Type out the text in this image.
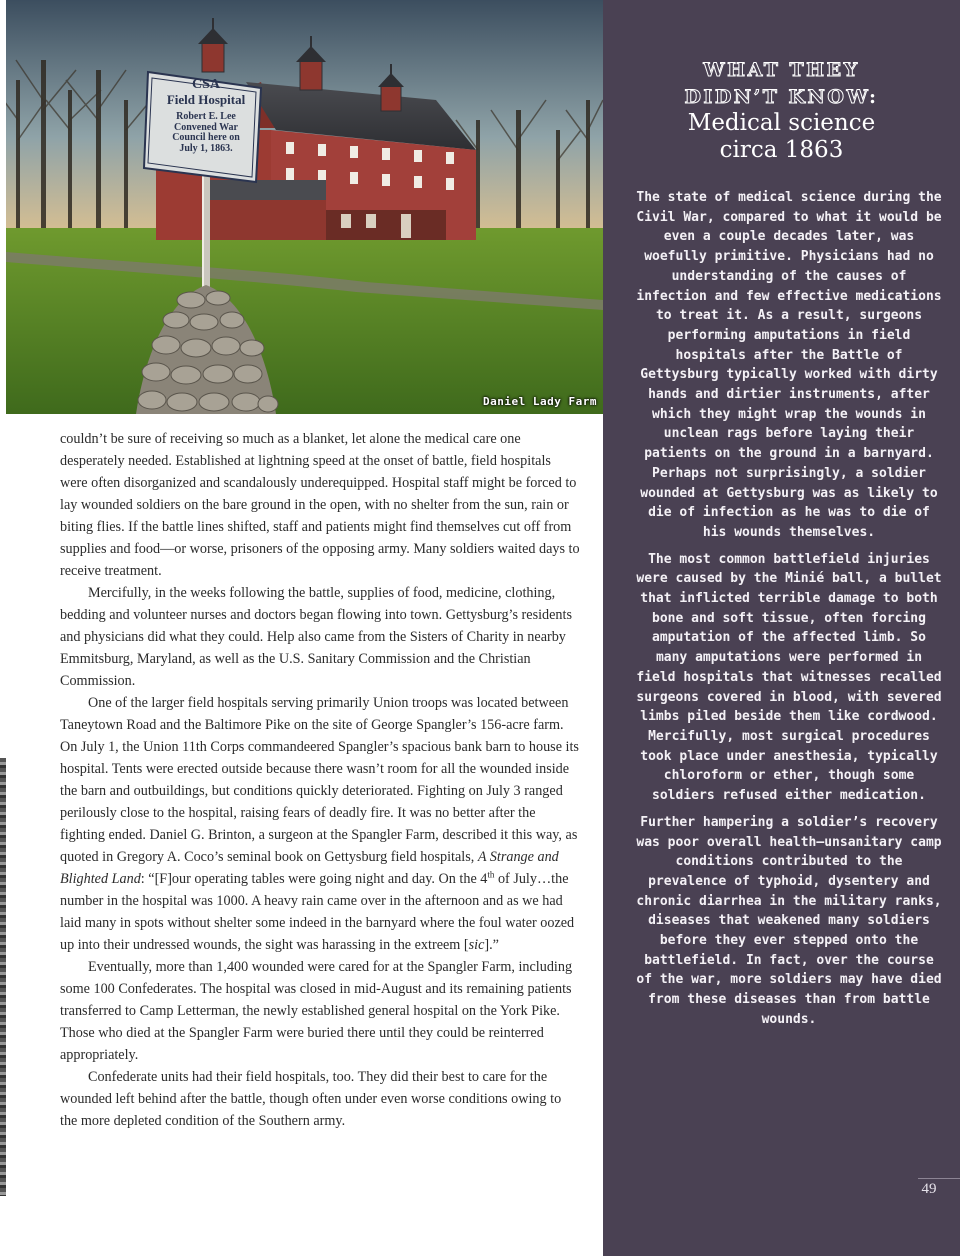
CSA
Field Hospital
Robert E. Lee
Convened War
Council here on
July 1, 1863.
Daniel Lady Farm

couldn’t be sure of receiving so much as a blanket, let alone the medical care one desperately needed. Established at lightning speed at the onset of battle, field hospitals were often disorganized and scandalously underequipped. Hospital staff might be forced to lay wounded soldiers on the bare ground in the open, with no shelter from the sun, rain or biting flies. If the battle lines shifted, staff and patients might find themselves cut off from supplies and food—or worse, prisoners of the opposing army. Many soldiers waited days to receive treatment.

Mercifully, in the weeks following the battle, supplies of food, medicine, clothing, bedding and volunteer nurses and doctors began flowing into town. Gettysburg’s residents and physicians did what they could. Help also came from the Sisters of Charity in nearby Emmitsburg, Maryland, as well as the U.S. Sanitary Commission and the Christian Commission.

One of the larger field hospitals serving primarily Union troops was located between Taneytown Road and the Baltimore Pike on the site of George Spangler’s 156-acre farm. On July 1, the Union 11th Corps commandeered Spangler’s spacious bank barn to house its hospital. Tents were erected outside because there wasn’t room for all the wounded inside the barn and outbuildings, but conditions quickly deteriorated. Fighting on July 3 ranged perilously close to the hospital, raising fears of deadly fire. It was no better after the fighting ended. Daniel G. Brinton, a surgeon at the Spangler Farm, described it this way, as quoted in Gregory A. Coco’s seminal book on Gettysburg field hospitals, A Strange and Blighted Land: “[F]our operating tables were going night and day. On the 4th of July…the number in the hospital was 1000. A heavy rain came over in the afternoon and as we had laid many in spots without shelter some indeed in the barnyard where the foul water oozed up into their undressed wounds, the sight was harassing in the extreem [sic].”

Eventually, more than 1,400 wounded were cared for at the Spangler Farm, including some 100 Confederates. The hospital was closed in mid-August and its remaining patients transferred to Camp Letterman, the newly established general hospital on the York Pike. Those who died at the Spangler Farm were buried there until they could be reinterred appropriately.

Confederate units had their field hospitals, too. They did their best to care for the wounded left behind after the battle, though often under even worse conditions owing to the more depleted condition of the Southern army.

WHAT THEY
DIDN’T KNOW:
Medical science
circa 1863

The state of medical science during the Civil War, compared to what it would be even a couple decades later, was woefully primitive. Physicians had no understanding of the causes of infection and few effective medications to treat it. As a result, surgeons performing amputations in field hospitals after the Battle of Gettysburg typically worked with dirty hands and dirtier instruments, after which they might wrap the wounds in unclean rags before laying their patients on the ground in a barnyard. Perhaps not surprisingly, a soldier wounded at Gettysburg was as likely to die of infection as he was to die of his wounds themselves.

The most common battlefield injuries were caused by the Minié ball, a bullet that inflicted terrible damage to both bone and soft tissue, often forcing amputation of the affected limb. So many amputations were performed in field hospitals that witnesses recalled surgeons covered in blood, with severed limbs piled beside them like cordwood. Mercifully, most surgical procedures took place under anesthesia, typically chloroform or ether, though some soldiers refused either medication.

Further hampering a soldier’s recovery was poor overall health—unsanitary camp conditions contributed to the prevalence of typhoid, dysentery and chronic diarrhea in the military ranks, diseases that weakened many soldiers before they ever stepped onto the battlefield. In fact, over the course of the war, more soldiers may have died from these diseases than from battle wounds.

49
